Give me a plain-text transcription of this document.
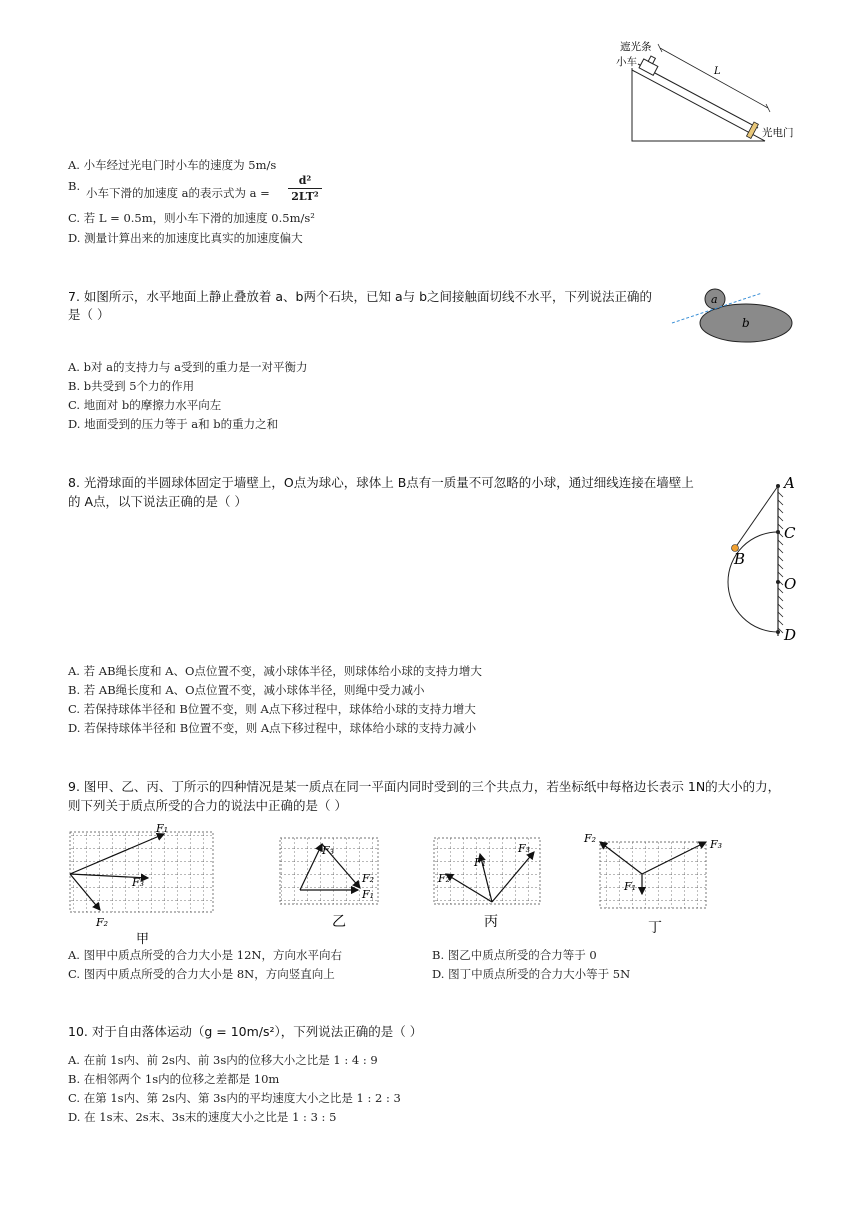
L
遮光条
小车
光电门
A. 小车经过光电门时小车的速度为 5m/s
B. 小车下滑的加速度 a的表示式为 a =
d²
2LT²
C. 若 L = 0.5m，则小车下滑的加速度 0.5m/s²
D. 测量计算出来的加速度比真实的加速度偏大
7. 如图所示，水平地面上静止叠放着 a、b两个石块，已知 a与 b之间接触面切线不水平，下列说法正确的
是（ ）
a
b
A. b对 a的支持力与 a受到的重力是一对平衡力
B. b共受到 5个力的作用
C. 地面对 b的摩擦力水平向左
D. 地面受到的压力等于 a和 b的重力之和
8. 光滑球面的半圆球体固定于墙壁上，O点为球心，球体上 B点有一质量不可忽略的小球，通过细线连接在墙壁上
的 A点，以下说法正确的是（ ）
A
C
B
O
D
A. 若 AB绳长度和 A、O点位置不变，减小球体半径，则球体给小球的支持力增大
B. 若 AB绳长度和 A、O点位置不变，减小球体半径，则绳中受力减小
C. 若保持球体半径和 B位置不变，则 A点下移过程中，球体给小球的支持力增大
D. 若保持球体半径和 B位置不变，则 A点下移过程中，球体给小球的支持力减小
9. 图甲、乙、丙、丁所示的四种情况是某一质点在同一平面内同时受到的三个共点力，若坐标纸中每格边长表示 1N的大小的力，
则下列关于质点所受的合力的说法中正确的是（ ）
F₁
F₃
F₂
甲
F₃
F₂
F₁
乙
F₂
F₁
F₃
丙
F₂	F₃
F₁
丁
A. 图甲中质点所受的合力大小是 12N，方向水平向右	B. 图乙中质点所受的合力等于 0
C. 图丙中质点所受的合力大小是 8N，方向竖直向上	D. 图丁中质点所受的合力大小等于 5N
10. 对于自由落体运动（g = 10m/s²），下列说法正确的是（ ）
A. 在前 1s内、前 2s内、前 3s内的位移大小之比是 1 : 4 : 9
B. 在相邻两个 1s内的位移之差都是 10m
C. 在第 1s内、第 2s内、第 3s内的平均速度大小之比是 1 : 2 : 3
D. 在 1s末、2s末、3s末的速度大小之比是 1 : 3 : 5
